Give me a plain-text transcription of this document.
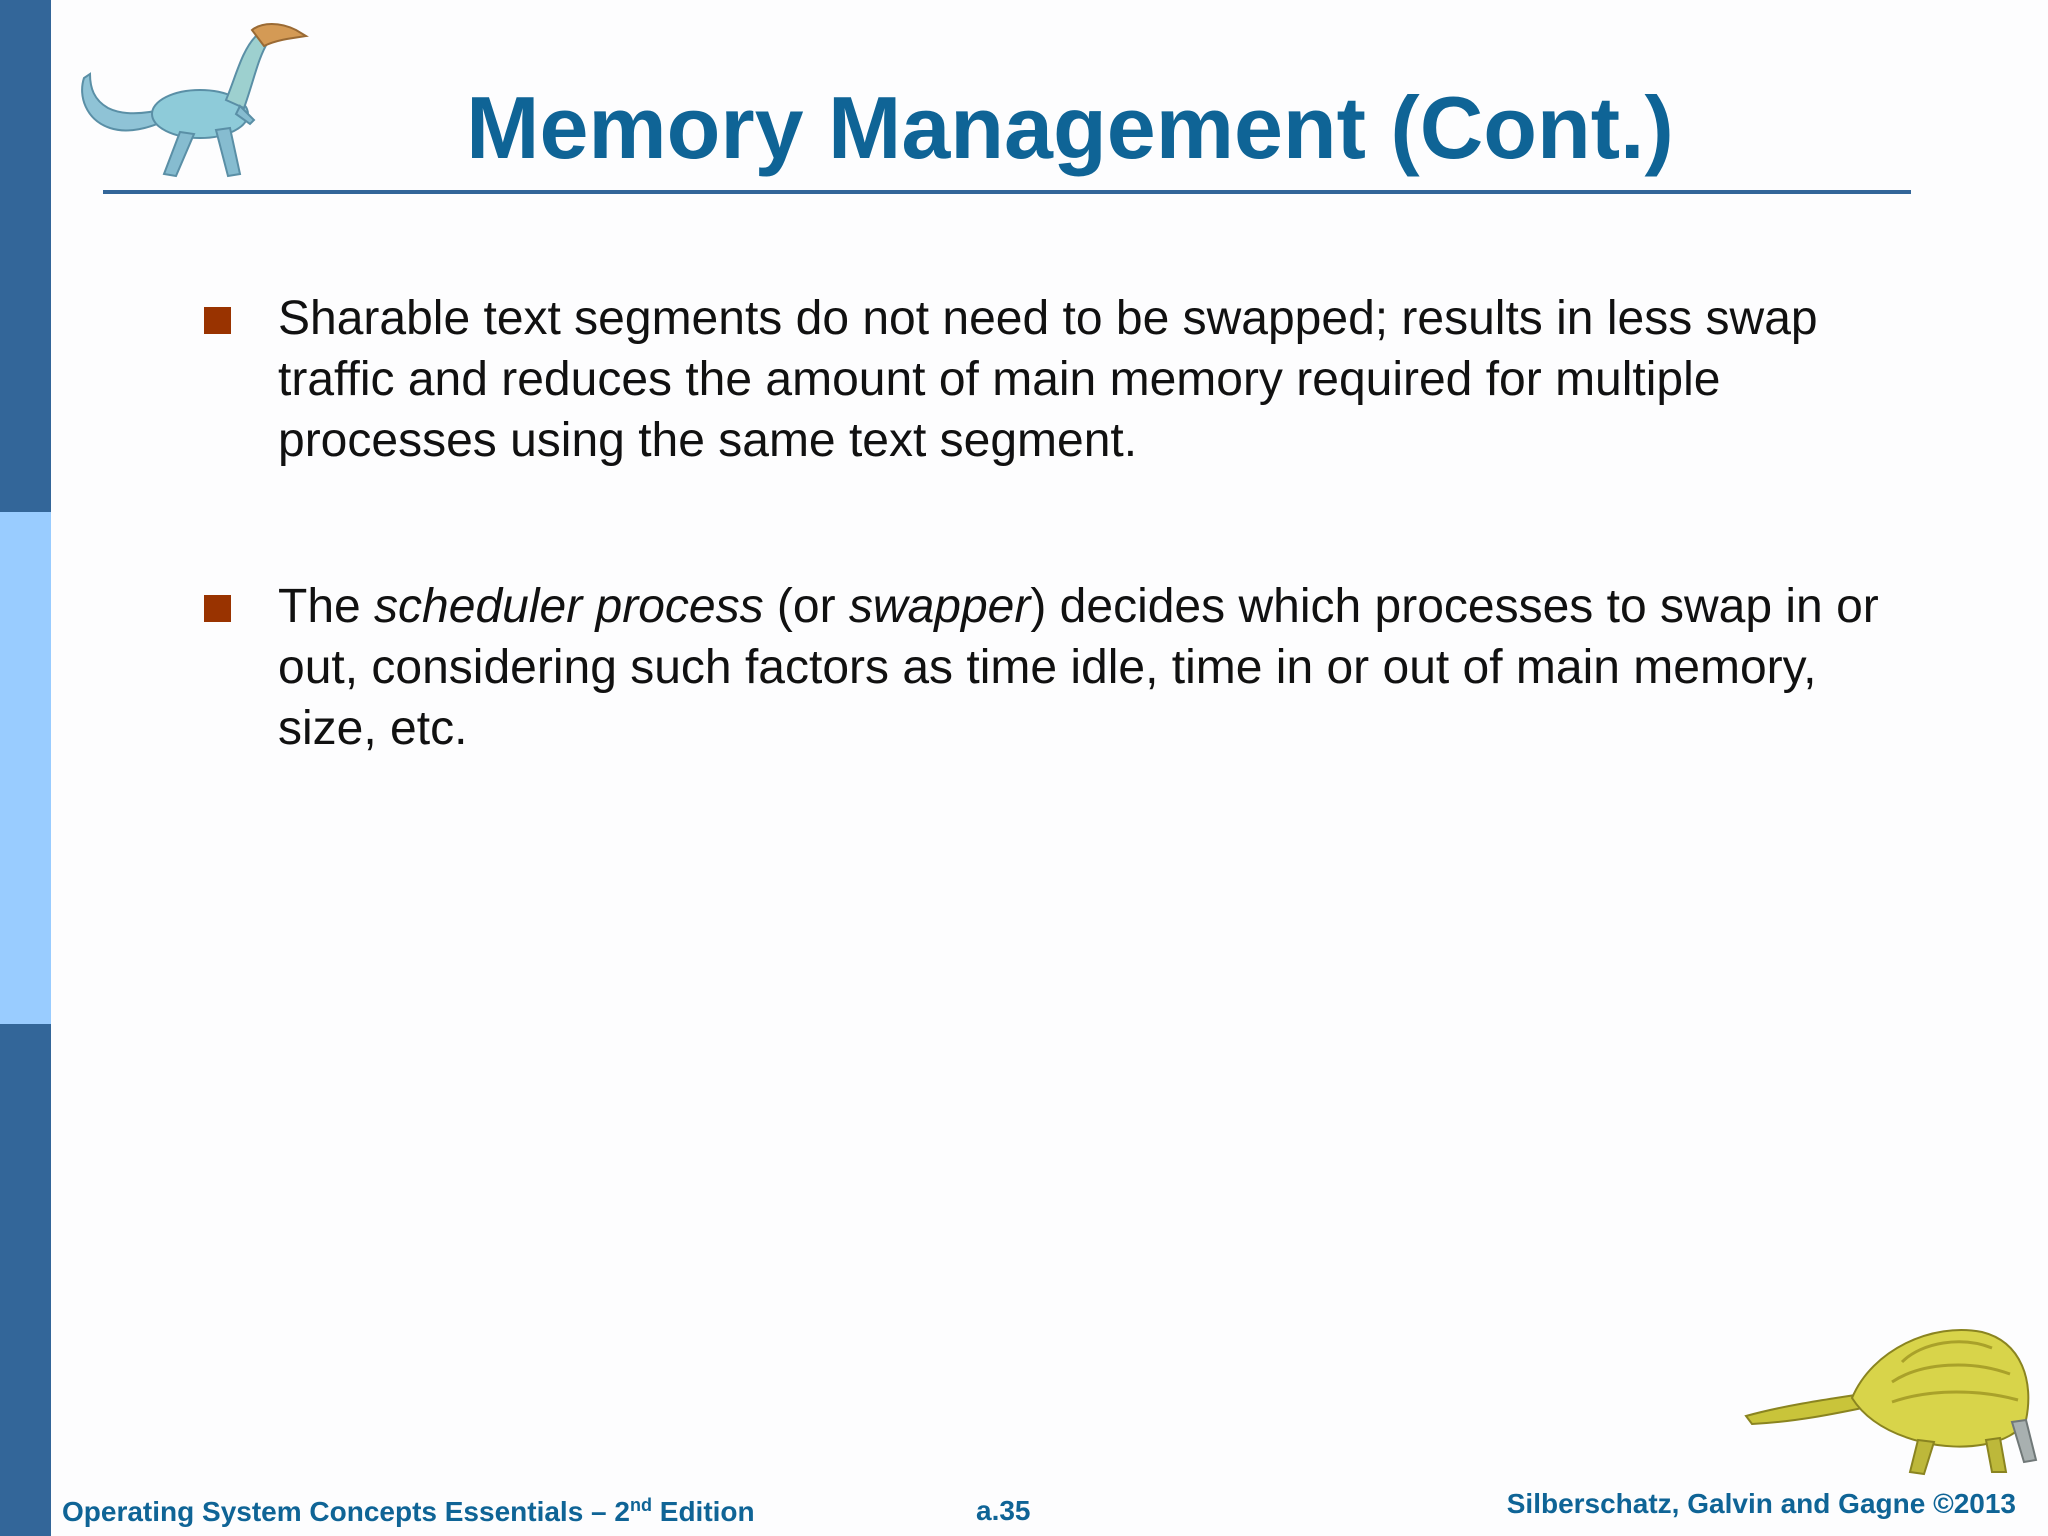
Memory Management (Cont.)
Sharable text segments do not need to be swapped; results in less swap traffic and reduces the amount of main memory required for multiple processes using the same text segment.
The scheduler process (or swapper) decides which processes to swap in or out, considering such factors as time idle, time in or out of main memory, size, etc.
Operating System Concepts Essentials – 2nd Edition	a.35	Silberschatz, Galvin and Gagne ©2013
